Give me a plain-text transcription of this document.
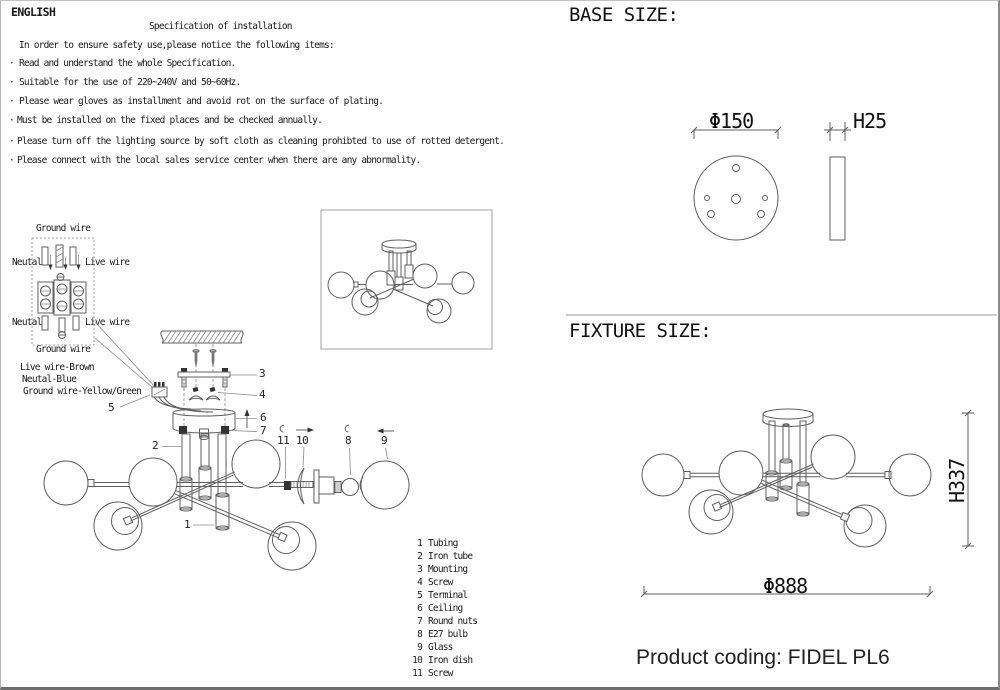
ENGLISH
Specification of installation
In order to ensure safety use,please notice the following items:
· Read and understand the whole Specification.
· Suitable for the use of 220~240V and 50~60Hz.
· Please wear gloves as installment and avoid rot on the surface of plating.
· Must be installed on the fixed places and be checked annually.
· Please turn off the lighting source by soft cloth as cleaning prohibted to use of rotted detergent.
· Please connect with the local sales service center when there are any abnormality.
Ground wire
Neutal	Live wire
Neutal	Live wire
Ground wire
Live wire-Brown
Neutal-Blue
Ground wire-Yellow/Green
1
2
3
4
5
6
7
8	9
10
11
1 Tubing
2 Iron tube
3 Mounting
4 Screw
5 Terminal
6 Ceiling
7 Round nuts
8 E27 bulb
9 Glass
10 Iron dish
11 Screw
BASE SIZE:
Φ150	H25
FIXTURE SIZE:
H337
Φ888
Product coding: FIDEL PL6
